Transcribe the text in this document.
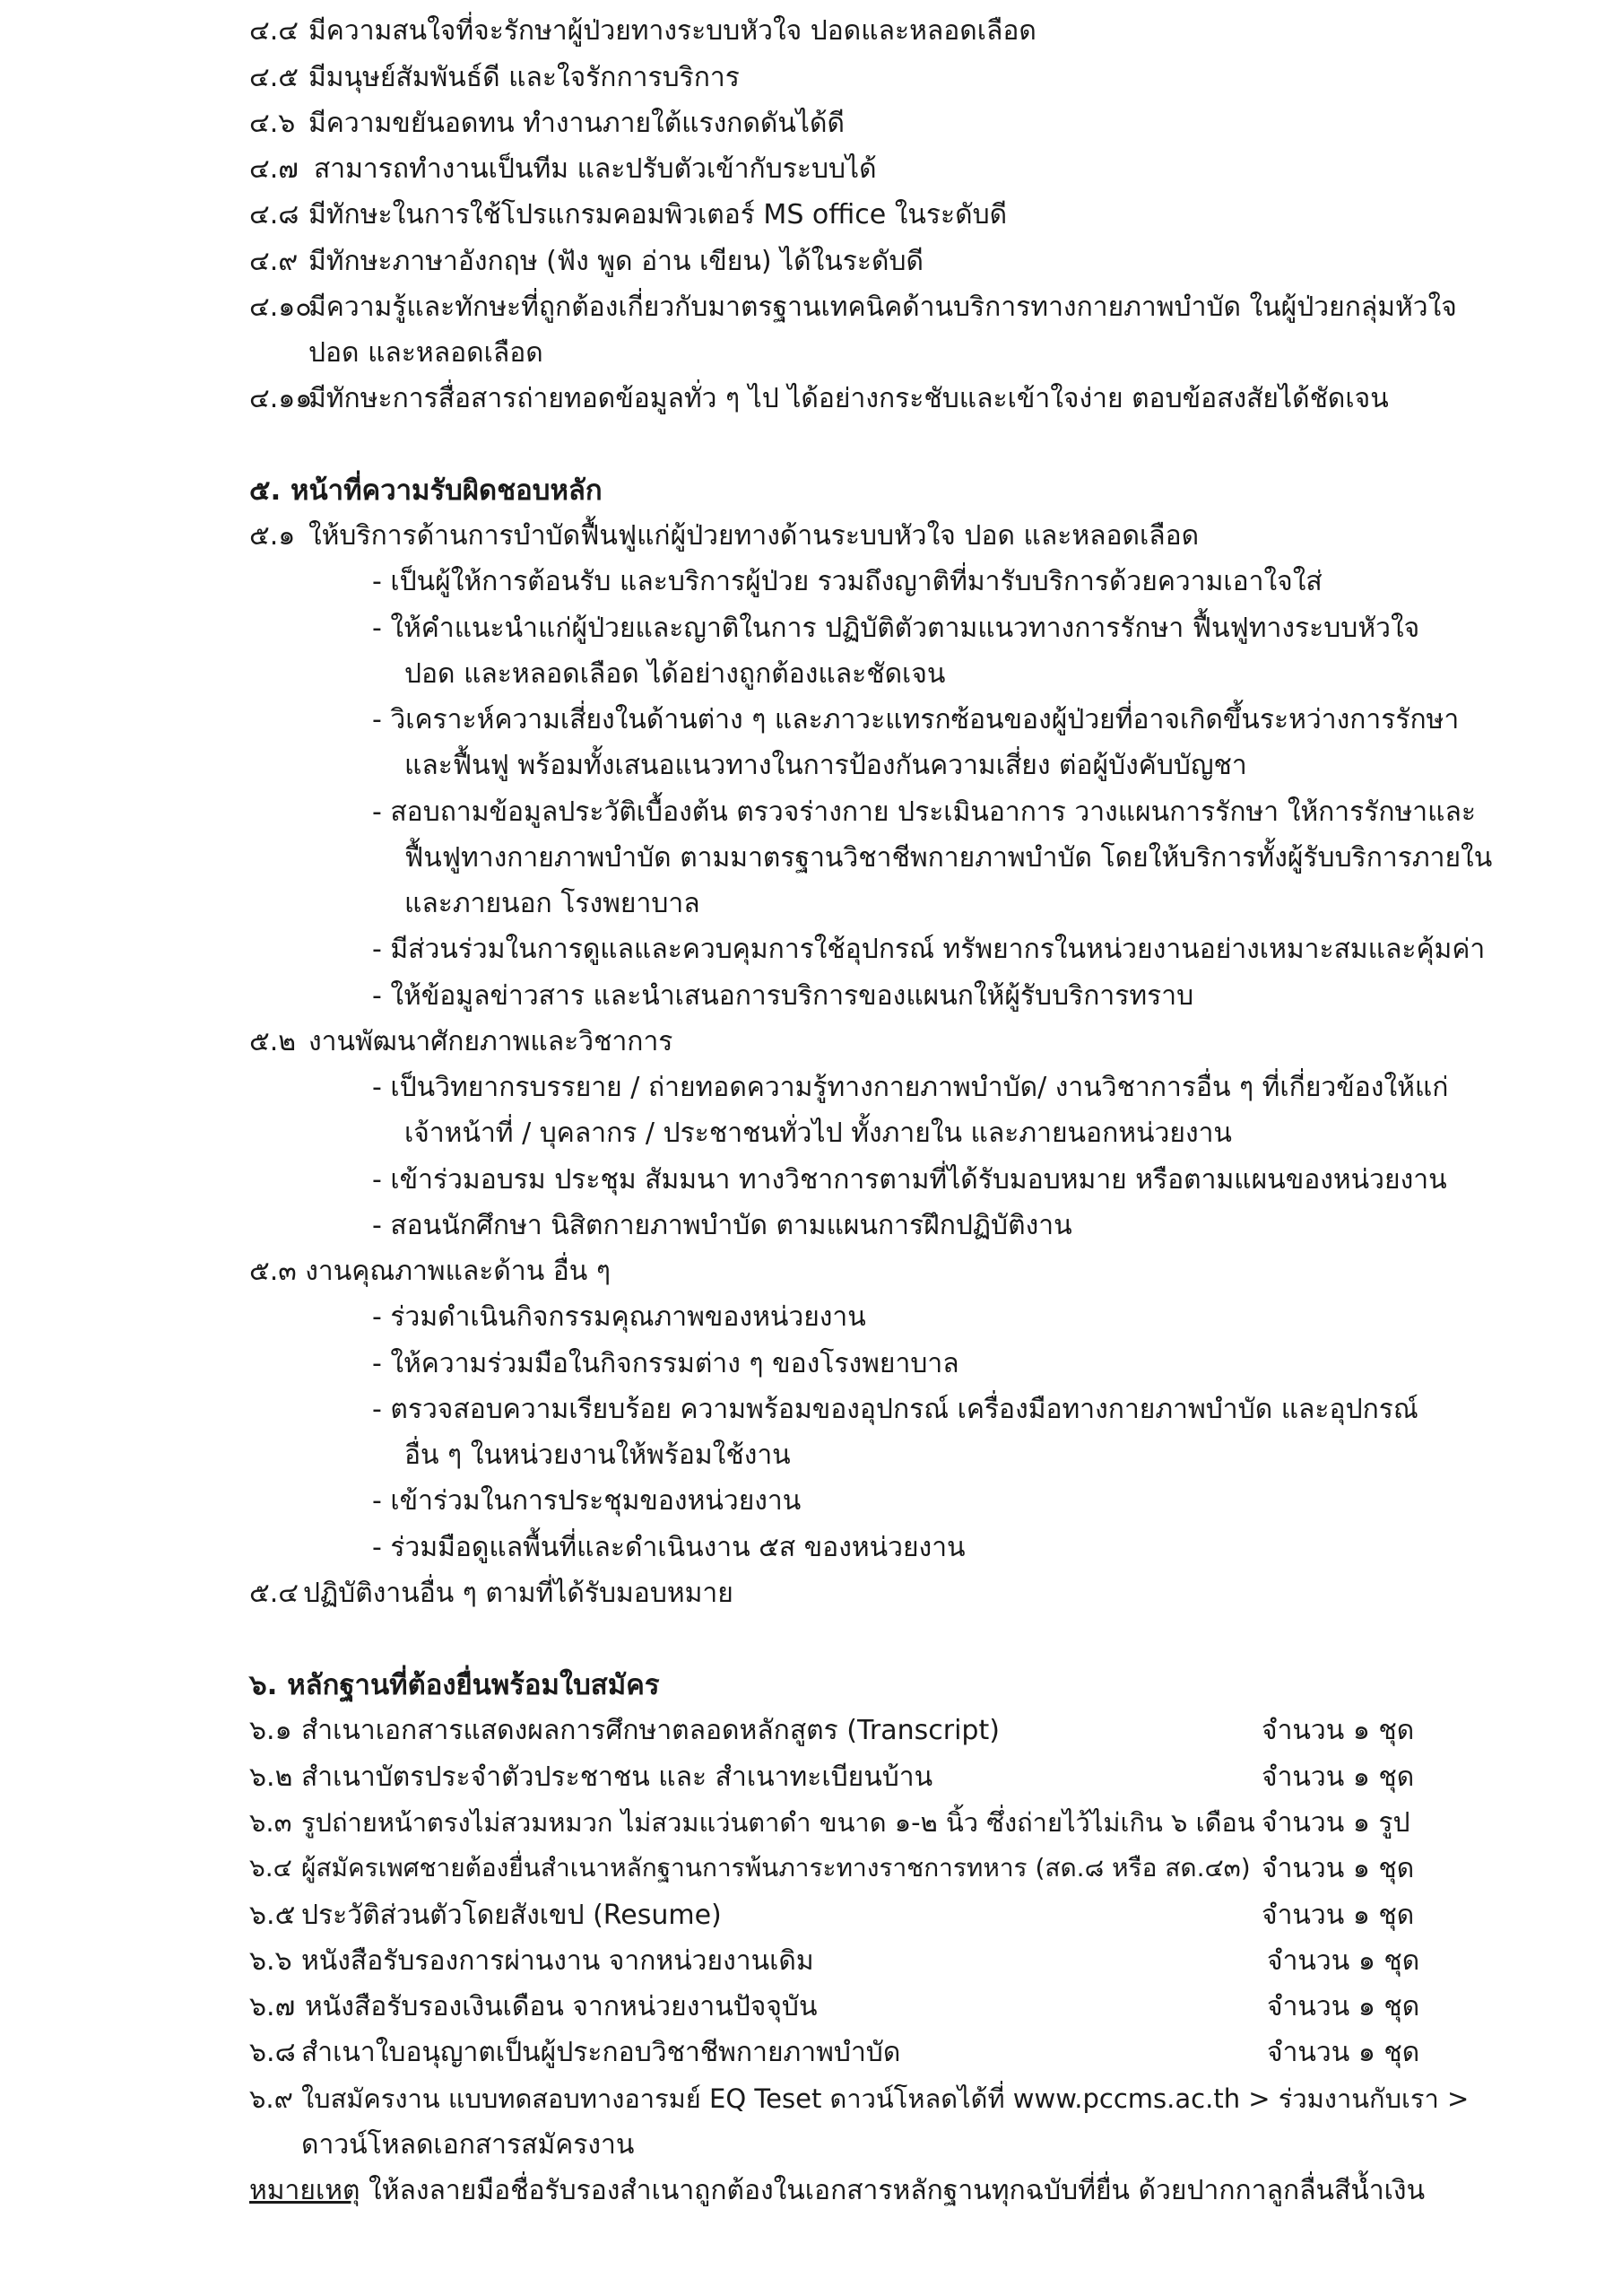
๔.๔ มีความสนใจที่จะรักษาผู้ป่วยทางระบบหัวใจ ปอดและหลอดเลือด
๔.๕ มีมนุษย์สัมพันธ์ดี และใจรักการบริการ
๔.๖ มีความขยันอดทน ทำงานภายใต้แรงกดดันได้ดี
๔.๗ สามารถทำงานเป็นทีม และปรับตัวเข้ากับระบบได้
๔.๘ มีทักษะในการใช้โปรแกรมคอมพิวเตอร์ MS office ในระดับดี
๔.๙ มีทักษะภาษาอังกฤษ (ฟัง พูด อ่าน เขียน) ได้ในระดับดี
๔.๑๐มีความรู้และทักษะที่ถูกต้องเกี่ยวกับมาตรฐานเทคนิคด้านบริการทางกายภาพบำบัด ในผู้ป่วยกลุ่มหัวใจ
ปอด และหลอดเลือด
๔.๑๑มีทักษะการสื่อสารถ่ายทอดข้อมูลทั่ว ๆ ไป ได้อย่างกระชับและเข้าใจง่าย ตอบข้อสงสัยได้ชัดเจน
๕. หน้าที่ความรับผิดชอบหลัก
๕.๑ ให้บริการด้านการบำบัดฟื้นฟูแก่ผู้ป่วยทางด้านระบบหัวใจ ปอด และหลอดเลือด
- เป็นผู้ให้การต้อนรับ และบริการผู้ป่วย รวมถึงญาติที่มารับบริการด้วยความเอาใจใส่
- ให้คำแนะนำแก่ผู้ป่วยและญาติในการ ปฏิบัติตัวตามแนวทางการรักษา ฟื้นฟูทางระบบหัวใจ
ปอด และหลอดเลือด ได้อย่างถูกต้องและชัดเจน
- วิเคราะห์ความเสี่ยงในด้านต่าง ๆ และภาวะแทรกซ้อนของผู้ป่วยที่อาจเกิดขึ้นระหว่างการรักษา
และฟื้นฟู พร้อมทั้งเสนอแนวทางในการป้องกันความเสี่ยง ต่อผู้บังคับบัญชา
- สอบถามข้อมูลประวัติเบื้องต้น ตรวจร่างกาย ประเมินอาการ วางแผนการรักษา ให้การรักษาและ
ฟื้นฟูทางกายภาพบำบัด ตามมาตรฐานวิชาชีพกายภาพบำบัด โดยให้บริการทั้งผู้รับบริการภายใน
และภายนอก โรงพยาบาล
- มีส่วนร่วมในการดูแลและควบคุมการใช้อุปกรณ์ ทรัพยากรในหน่วยงานอย่างเหมาะสมและคุ้มค่า
- ให้ข้อมูลข่าวสาร และนำเสนอการบริการของแผนกให้ผู้รับบริการทราบ
๕.๒ งานพัฒนาศักยภาพและวิชาการ
- เป็นวิทยากรบรรยาย / ถ่ายทอดความรู้ทางกายภาพบำบัด/ งานวิชาการอื่น ๆ ที่เกี่ยวข้องให้แก่
เจ้าหน้าที่ / บุคลากร / ประชาชนทั่วไป ทั้งภายใน และภายนอกหน่วยงาน
- เข้าร่วมอบรม ประชุม สัมมนา ทางวิชาการตามที่ได้รับมอบหมาย หรือตามแผนของหน่วยงาน
- สอนนักศึกษา นิสิตกายภาพบำบัด ตามแผนการฝึกปฏิบัติงาน
๕.๓ งานคุณภาพและด้าน อื่น ๆ
- ร่วมดำเนินกิจกรรมคุณภาพของหน่วยงาน
- ให้ความร่วมมือในกิจกรรมต่าง ๆ ของโรงพยาบาล
- ตรวจสอบความเรียบร้อย ความพร้อมของอุปกรณ์ เครื่องมือทางกายภาพบำบัด และอุปกรณ์
อื่น ๆ ในหน่วยงานให้พร้อมใช้งาน
- เข้าร่วมในการประชุมของหน่วยงาน
- ร่วมมือดูแลพื้นที่และดำเนินงาน ๕ส ของหน่วยงาน
๕.๔ ปฏิบัติงานอื่น ๆ ตามที่ได้รับมอบหมาย
๖. หลักฐานที่ต้องยื่นพร้อมใบสมัคร
๖.๑ สำเนาเอกสารแสดงผลการศึกษาตลอดหลักสูตร (Transcript)	จำนวน ๑ ชุด
๖.๒ สำเนาบัตรประจำตัวประชาชน และ สำเนาทะเบียนบ้าน	จำนวน ๑ ชุด
๖.๓ รูปถ่ายหน้าตรงไม่สวมหมวก ไม่สวมแว่นตาดำ ขนาด ๑-๒ นิ้ว ซึ่งถ่ายไว้ไม่เกิน ๖ เดือน จำนวน ๑ รูป
๖.๔ ผู้สมัครเพศชายต้องยื่นสำเนาหลักฐานการพ้นภาระทางราชการทหาร (สด.๘ หรือ สด.๔๓) จำนวน ๑ ชุด
๖.๕ ประวัติส่วนตัวโดยสังเขป (Resume)	จำนวน ๑ ชุด
๖.๖ หนังสือรับรองการผ่านงาน จากหน่วยงานเดิม	จำนวน ๑ ชุด
๖.๗ หนังสือรับรองเงินเดือน จากหน่วยงานปัจจุบัน	จำนวน ๑ ชุด
๖.๘ สำเนาใบอนุญาตเป็นผู้ประกอบวิชาชีพกายภาพบำบัด	จำนวน ๑ ชุด
๖.๙ ใบสมัครงาน แบบทดสอบทางอารมย์ EQ Teset ดาวน์โหลดได้ที่ www.pccms.ac.th > ร่วมงานกับเรา >
ดาวน์โหลดเอกสารสมัครงาน
หมายเหตุ ให้ลงลายมือชื่อรับรองสำเนาถูกต้องในเอกสารหลักฐานทุกฉบับที่ยื่น ด้วยปากกาลูกลื่นสีน้ำเงิน
